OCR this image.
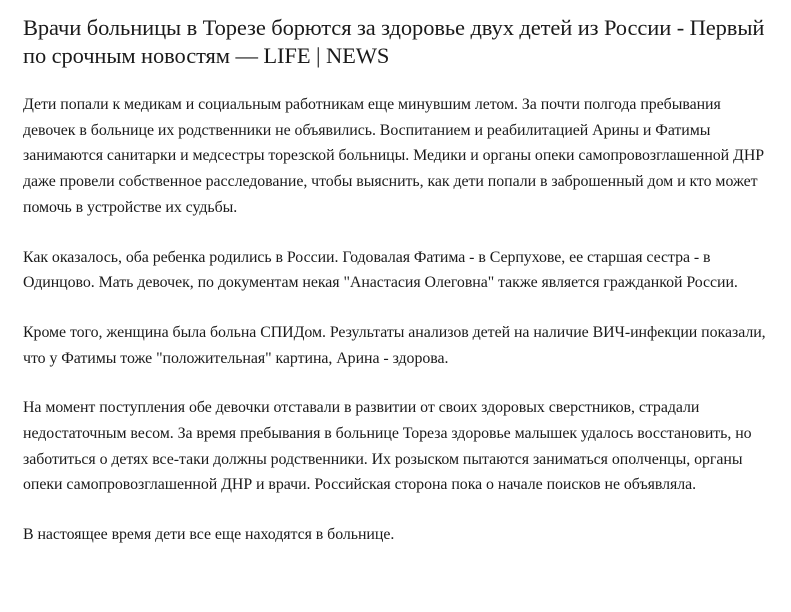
Врачи больницы в Торезе борются за здоровье двух детей из России - Первый по срочным новостям — LIFE | NEWS

Дети попали к медикам и социальным работникам еще минувшим летом. За почти полгода пребывания девочек в больнице их родственники не объявились. Воспитанием и реабилитацией Арины и Фатимы занимаются санитарки и медсестры торезской больницы. Медики и органы опеки самопровозглашенной ДНР даже провели собственное расследование, чтобы выяснить, как дети попали в заброшенный дом и кто может помочь в устройстве их судьбы.

Как оказалось, оба ребенка родились в России. Годовалая Фатима - в Серпухове, ее старшая сестра - в Одинцово. Мать девочек, по документам некая "Анастасия Олеговна" также является гражданкой России.

Кроме того, женщина была больна СПИДом. Результаты анализов детей на наличие ВИЧ-инфекции показали, что у Фатимы тоже "положительная" картина, Арина - здорова.

На момент поступления обе девочки отставали в развитии от своих здоровых сверстников, страдали недостаточным весом. За время пребывания в больнице Тореза здоровье малышек удалось восстановить, но заботиться о детях все-таки должны родственники. Их розыском пытаются заниматься ополченцы, органы опеки самопровозглашенной ДНР и врачи. Российская сторона пока о начале поисков не объявляла.

В настоящее время дети все еще находятся в больнице.
